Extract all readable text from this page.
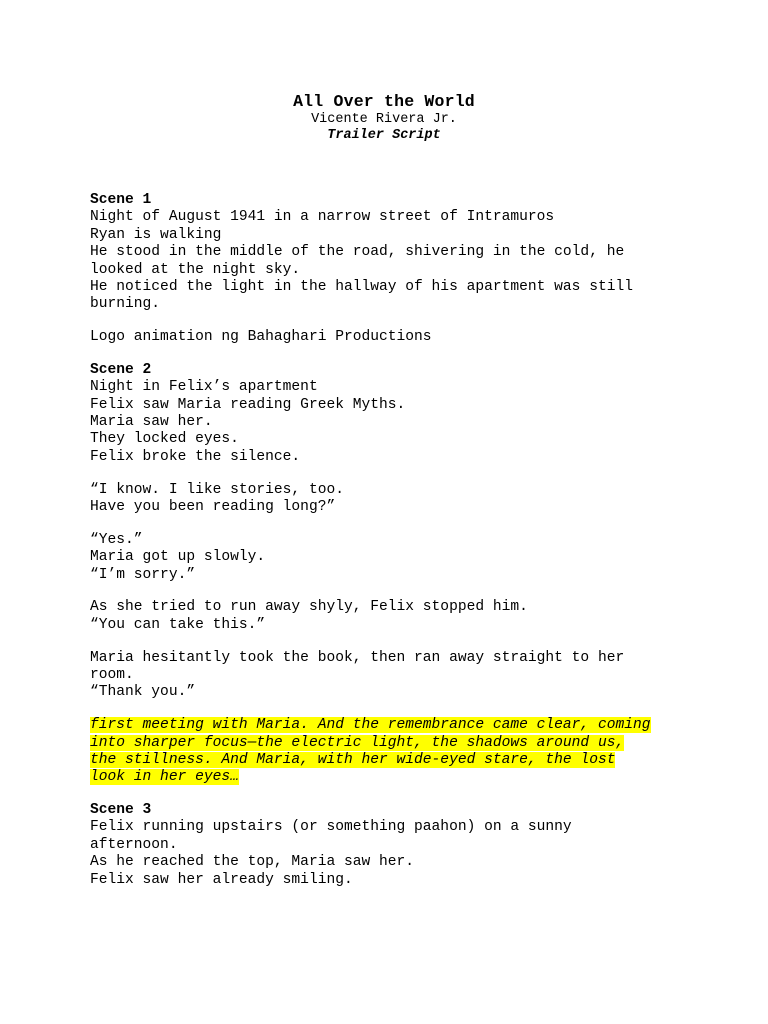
All Over the World
Vicente Rivera Jr.
Trailer Script
Scene 1
Night of August 1941 in a narrow street of Intramuros
Ryan is walking
He stood in the middle of the road, shivering in the cold, he
looked at the night sky.
He noticed the light in the hallway of his apartment was still
burning.
Logo animation ng Bahaghari Productions
Scene 2
Night in Felix’s apartment
Felix saw Maria reading Greek Myths.
Maria saw her.
They locked eyes.
Felix broke the silence.
“I know. I like stories, too.
Have you been reading long?”
“Yes.”
Maria got up slowly.
“I’m sorry.”
As she tried to run away shyly, Felix stopped him.
“You can take this.”
Maria hesitantly took the book, then ran away straight to her
room.
“Thank you.”
first meeting with Maria. And the remembrance came clear, coming
into sharper focus—the electric light, the shadows around us,
the stillness. And Maria, with her wide-eyed stare, the lost
look in her eyes…
Scene 3
Felix running upstairs (or something paahon) on a sunny
afternoon.
As he reached the top, Maria saw her.
Felix saw her already smiling.
